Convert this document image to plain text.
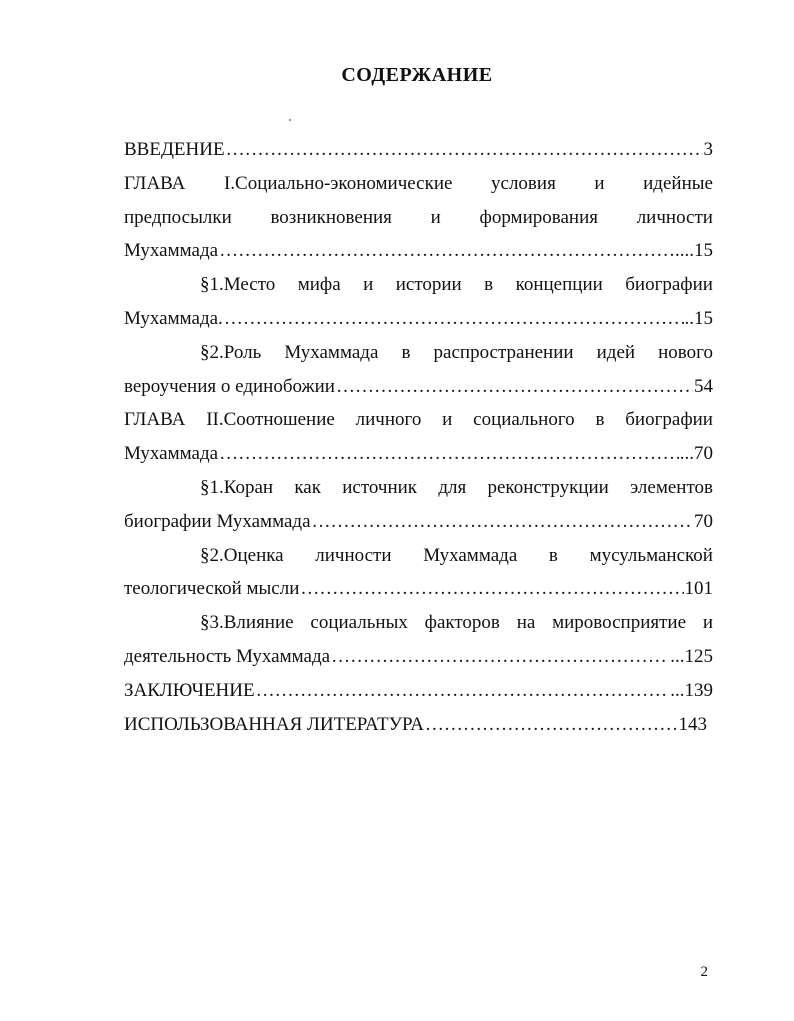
СОДЕРЖАНИЕ
ВВЕДЕНИЕ ……………………………………………………………………………………………………………………………………	3
ГЛАВА I.Социально-экономические условия и идейные
предпосылки возникновения и формирования личности
Мухаммада ……………………………………………………………………………………………………………………………………	....15
§1.Место мифа и истории в концепции биографии
Мухаммада. ……………………………………………………………………………………………………………………………………	..15
§2.Роль Мухаммада в распространении идей нового
вероучения о единобожии ……………………………………………………………………………………………………………………………………	54
ГЛАВА II.Соотношение личного и социального в биографии
Мухаммада ……………………………………………………………………………………………………………………………………	...70
§1.Коран как источник для реконструкции элементов
биографии Мухаммада ……………………………………………………………………………………………………………………………………	70
§2.Оценка личности Мухаммада в мусульманской
теологической мысли ……………………………………………………………………………………………………………………………………	101
§3.Влияние социальных факторов на мировосприятие и
деятельность Мухаммада ……………………………………………………………………………………………………………………………………	...125
ЗАКЛЮЧЕНИЕ ……………………………………………………………………………………………………………………………………	...139
ИСПОЛЬЗОВАННАЯ ЛИТЕРАТУРА ……………………………………………………………………………………………………………………………………	143
2
